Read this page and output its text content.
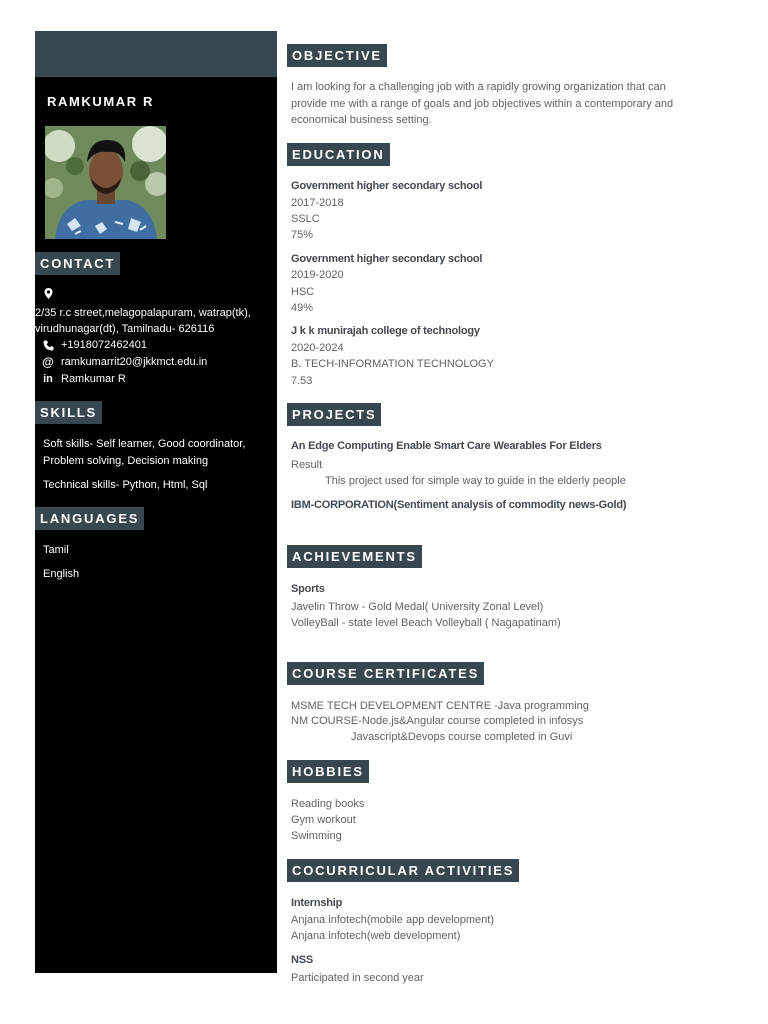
RAMKUMAR R
CONTACT
2/35 r.c street,melagopalapuram, watrap(tk),
virudhunagar(dt), Tamilnadu- 626116
+1918072462401
@ ramkumarrit20@jkkmct.edu.in
in Ramkumar R
SKILLS
Soft skills- Self learner, Good coordinator,
Problem solving, Decision making
Technical skills- Python, Html, Sql
LANGUAGES
Tamil
English
OBJECTIVE
I am looking for a challenging job with a rapidly growing organization that can
provide me with a range of goals and job objectives within a contemporary and
economical business setting.
EDUCATION
Government higher secondary school
2017-2018
SSLC
75%
Government higher secondary school
2019-2020
HSC
49%
J k k munirajah college of technology
2020-2024
B. TECH-INFORMATION TECHNOLOGY
7.53
PROJECTS
An Edge Computing Enable Smart Care Wearables For Elders
Result
This project used for simple way to guide in the elderly people
IBM-CORPORATION(Sentiment analysis of commodity news-Gold)
ACHIEVEMENTS
Sports
Javelin Throw - Gold Medal( University Zonal Level)
VolleyBall - state level Beach Volleyball ( Nagapatinam)
COURSE CERTIFICATES
MSME TECH DEVELOPMENT CENTRE -Java programming
NM COURSE-Node.js&Angular course completed in infosys
Javascript&Devops course completed in Guvi
HOBBIES
Reading books
Gym workout
Swimming
COCURRICULAR ACTIVITIES
Internship
Anjana infotech(mobile app development)
Anjana infotech(web development)
NSS
Participated in second year
